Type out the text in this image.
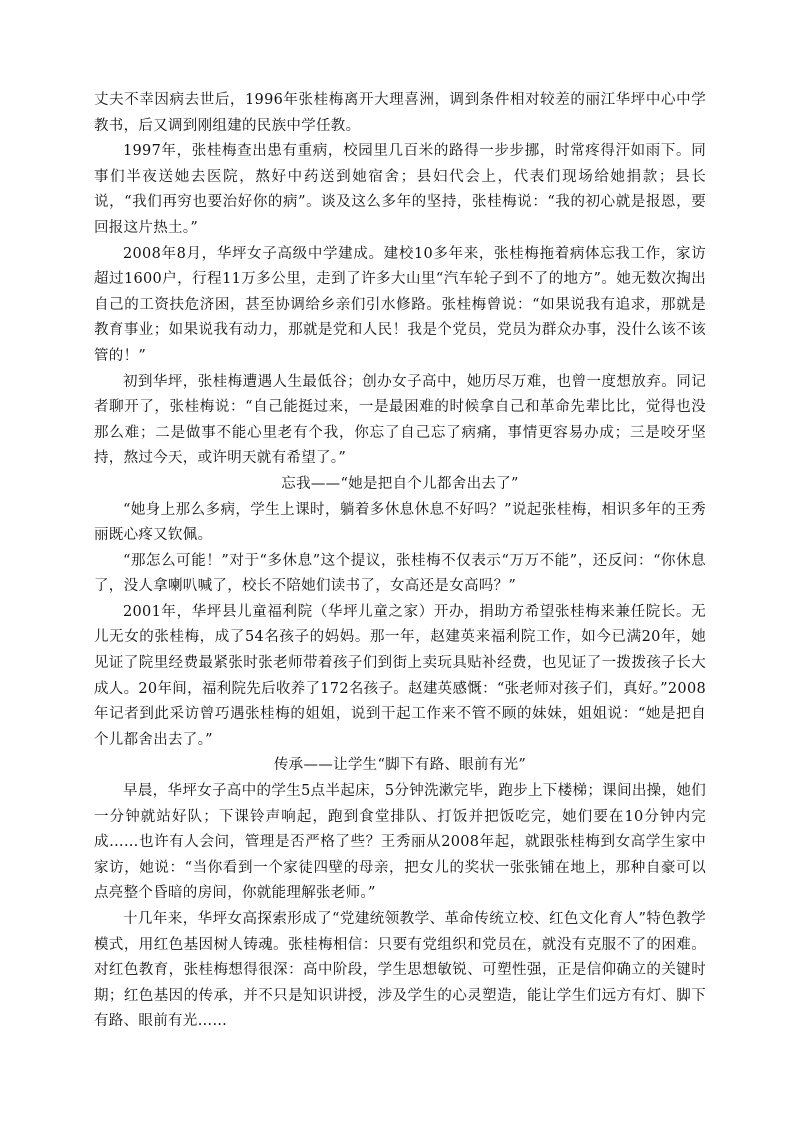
丈夫不幸因病去世后，1996年张桂梅离开大理喜洲，调到条件相对较差的丽江华坪中心中学教书，后又调到刚组建的民族中学任教。

1997年，张桂梅查出患有重病，校园里几百米的路得一步步挪，时常疼得汗如雨下。同事们半夜送她去医院，熬好中药送到她宿舍；县妇代会上，代表们现场给她捐款；县长说，“我们再穷也要治好你的病”。谈及这么多年的坚持，张桂梅说：“我的初心就是报恩，要回报这片热土。”

2008年8月，华坪女子高级中学建成。建校10多年来，张桂梅拖着病体忘我工作，家访超过1600户，行程11万多公里，走到了许多大山里“汽车轮子到不了的地方”。她无数次掏出自己的工资扶危济困，甚至协调给乡亲们引水修路。张桂梅曾说：“如果说我有追求，那就是教育事业；如果说我有动力，那就是党和人民！我是个党员，党员为群众办事，没什么该不该管的！”

初到华坪，张桂梅遭遇人生最低谷；创办女子高中，她历尽万难，也曾一度想放弃。同记者聊开了，张桂梅说：“自己能挺过来，一是最困难的时候拿自己和革命先辈比比，觉得也没那么难；二是做事不能心里老有个我，你忘了自己忘了病痛，事情更容易办成；三是咬牙坚持，熬过今天，或许明天就有希望了。”

忘我——“她是把自个儿都舍出去了”

“她身上那么多病，学生上课时，躺着多休息休息不好吗？”说起张桂梅，相识多年的王秀丽既心疼又钦佩。

“那怎么可能！”对于“多休息”这个提议，张桂梅不仅表示“万万不能”，还反问：“你休息了，没人拿喇叭喊了，校长不陪她们读书了，女高还是女高吗？”

2001年，华坪县儿童福利院（华坪儿童之家）开办，捐助方希望张桂梅来兼任院长。无儿无女的张桂梅，成了54名孩子的妈妈。那一年，赵建英来福利院工作，如今已满20年，她见证了院里经费最紧张时张老师带着孩子们到街上卖玩具贴补经费，也见证了一拨拨孩子长大成人。20年间，福利院先后收养了172名孩子。赵建英感慨：“张老师对孩子们，真好。”2008年记者到此采访曾巧遇张桂梅的姐姐，说到干起工作来不管不顾的妹妹，姐姐说：“她是把自个儿都舍出去了。”

传承——让学生“脚下有路、眼前有光”

早晨，华坪女子高中的学生5点半起床，5分钟洗漱完毕，跑步上下楼梯；课间出操，她们一分钟就站好队；下课铃声响起，跑到食堂排队、打饭并把饭吃完，她们要在10分钟内完成……也许有人会问，管理是否严格了些？王秀丽从2008年起，就跟张桂梅到女高学生家中家访，她说：“当你看到一个家徒四壁的母亲，把女儿的奖状一张张铺在地上，那种自豪可以点亮整个昏暗的房间，你就能理解张老师。”

十几年来，华坪女高探索形成了“党建统领教学、革命传统立校、红色文化育人”特色教学模式，用红色基因树人铸魂。张桂梅相信：只要有党组织和党员在，就没有克服不了的困难。对红色教育，张桂梅想得很深：高中阶段，学生思想敏锐、可塑性强，正是信仰确立的关键时期；红色基因的传承，并不只是知识讲授，涉及学生的心灵塑造，能让学生们远方有灯、脚下有路、眼前有光……
